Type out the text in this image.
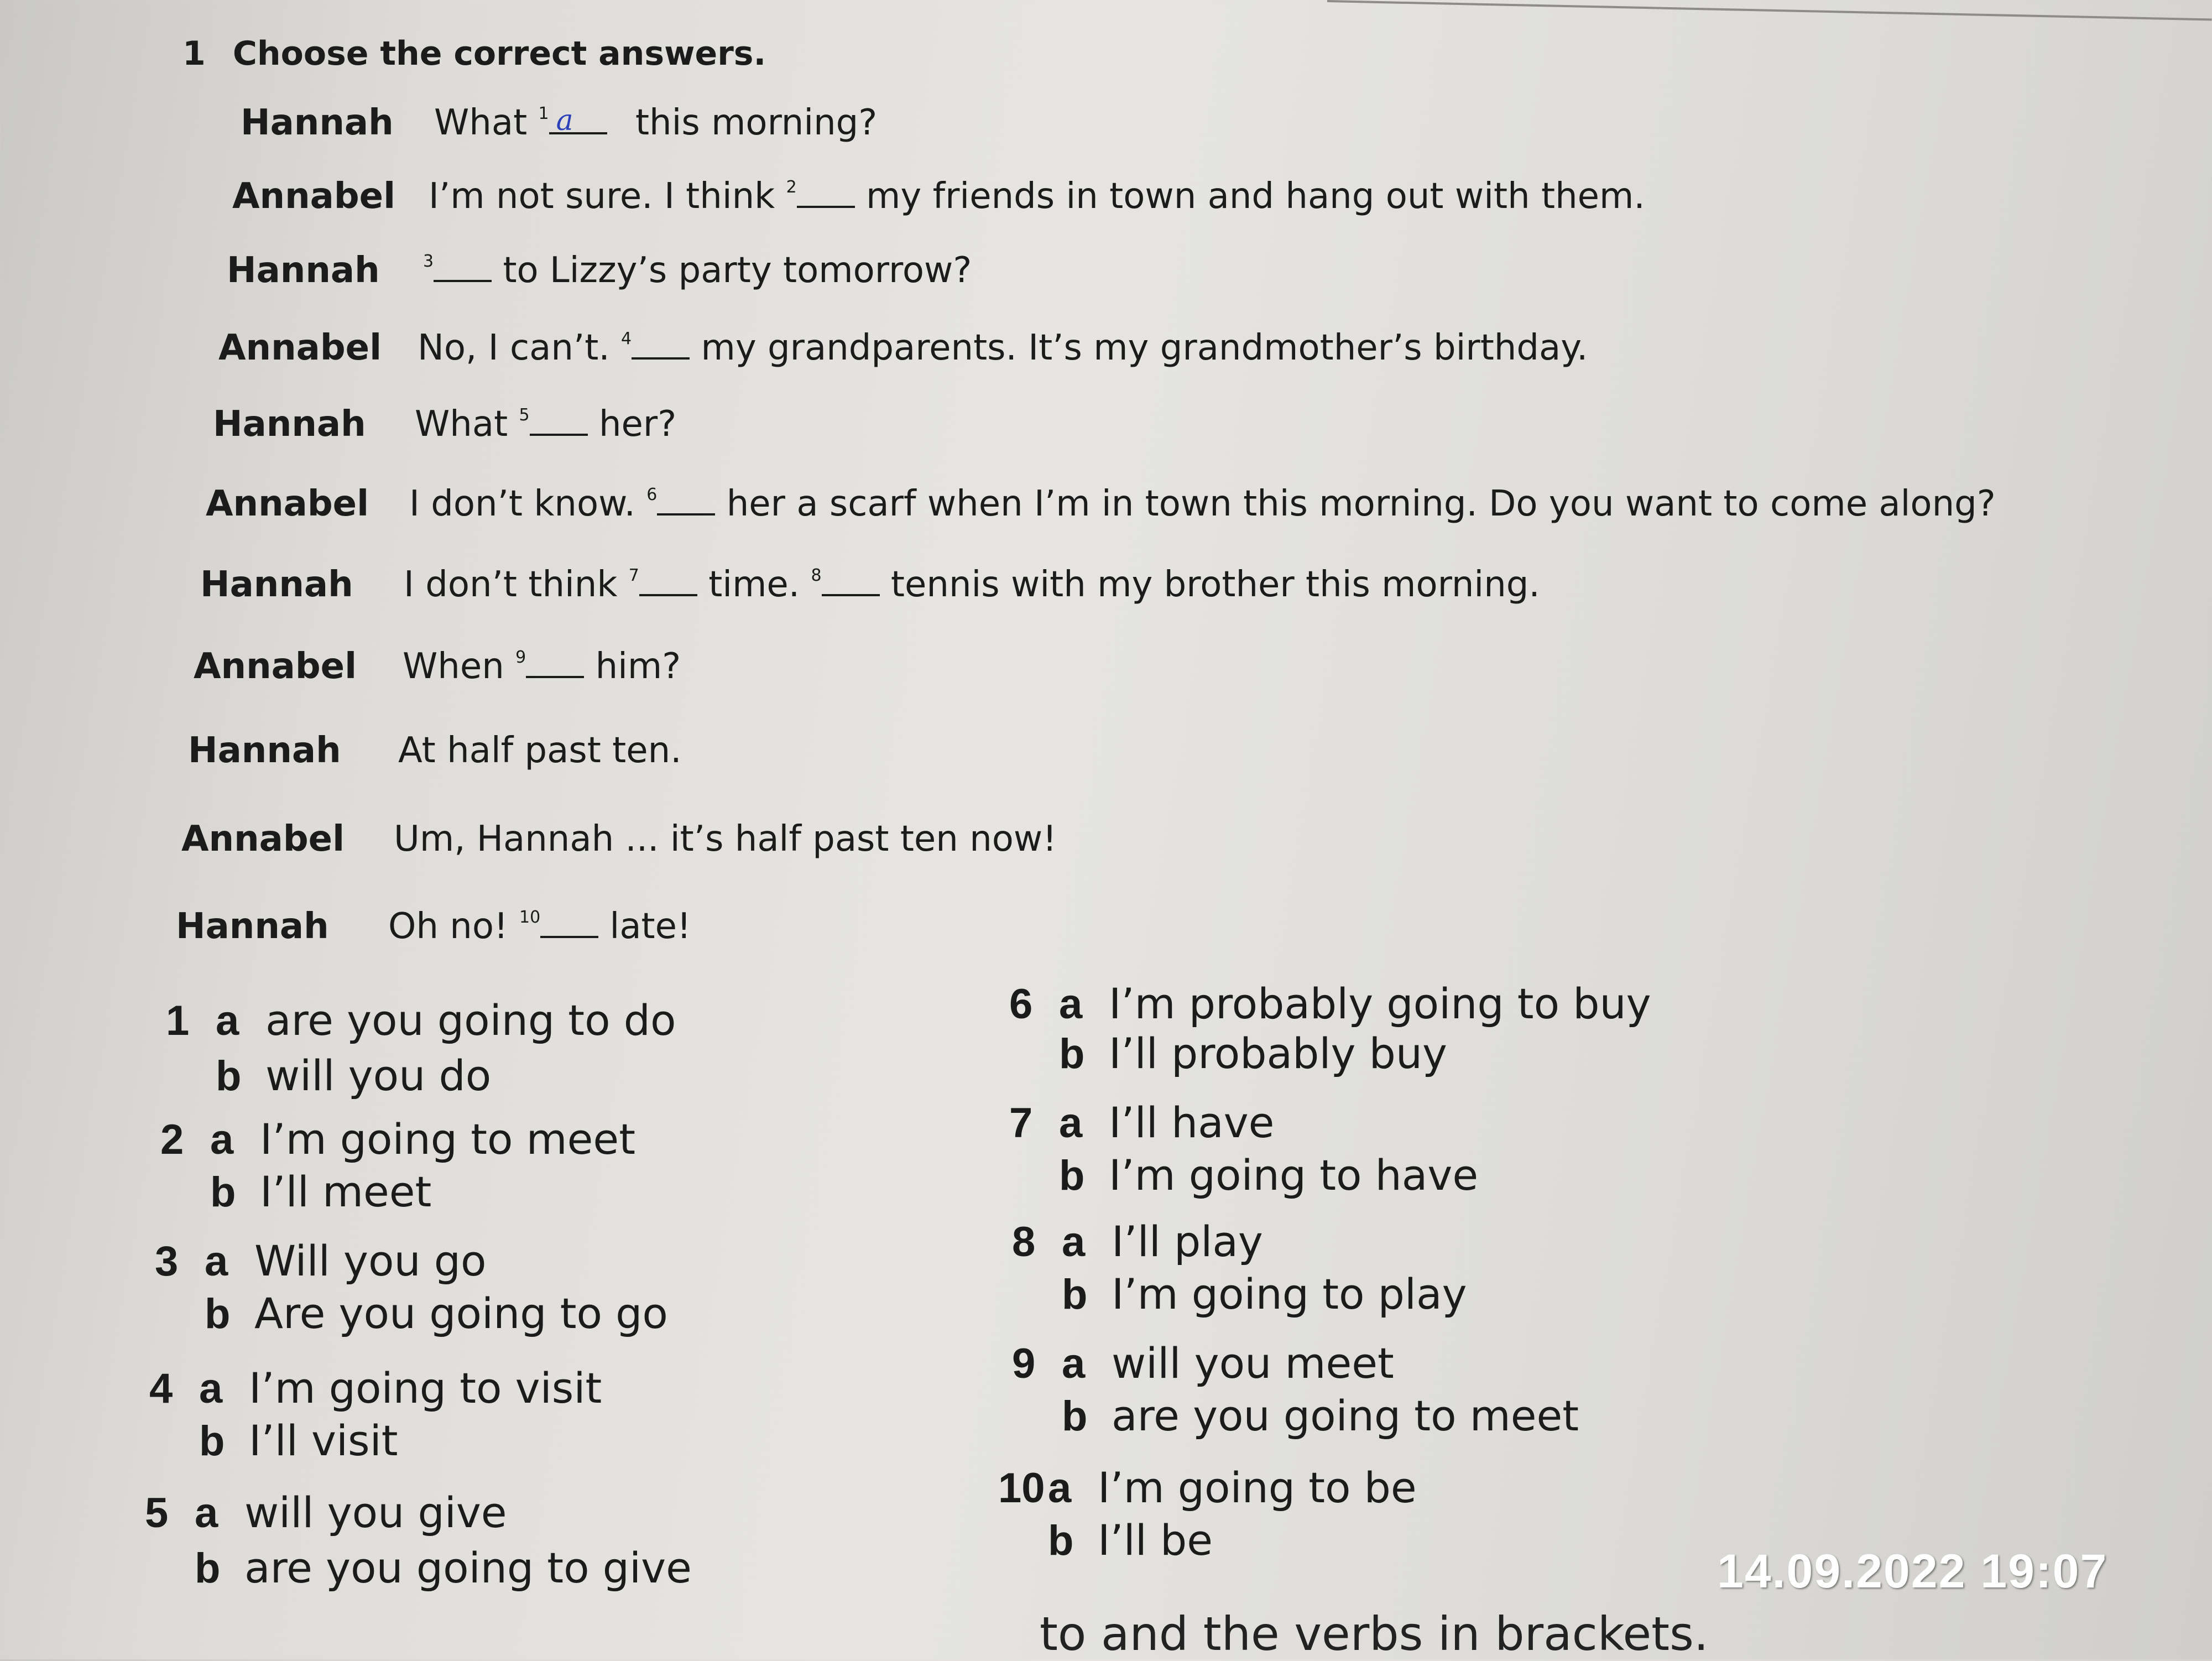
1 Choose the correct answers.
Hannah What $^1$ a this morning?
Annabel I’m not sure. I think $^2$ my friends in town and hang out with them.
Hannah	$^3$ to Lizzy’s party tomorrow?
Annabel No, I can’t. $^4$ my grandparents. It’s my grandmother’s birthday.
Hannah What $^5$ her?
Annabel I don’t know. $^6$ her a scarf when I’m in town this morning. Do you want to come along?
Hannah I don’t think $^7$ time. $^8$ tennis with my brother this morning.
Annabel When $^9$ him?
Hannah At half past ten.
Annabel Um, Hannah ... it’s half past ten now!
Hannah Oh no! $^{10}$ late!
1 a are you going to do
b will you do
2 a I’m going to meet
b I’ll meet
3 a Will you go
b Are you going to go
4 a I’m going to visit
b I’ll visit
5 a will you give
b are you going to give
6 a I’m probably going to buy
b I’ll probably buy
7 a I’ll have
b I’m going to have
8 a I’ll play
b I’m going to play
9 a will you meet
b are you going to meet
10a I’m going to be
b I’ll be
14.09.2022 19:07
to and the verbs in brackets.
